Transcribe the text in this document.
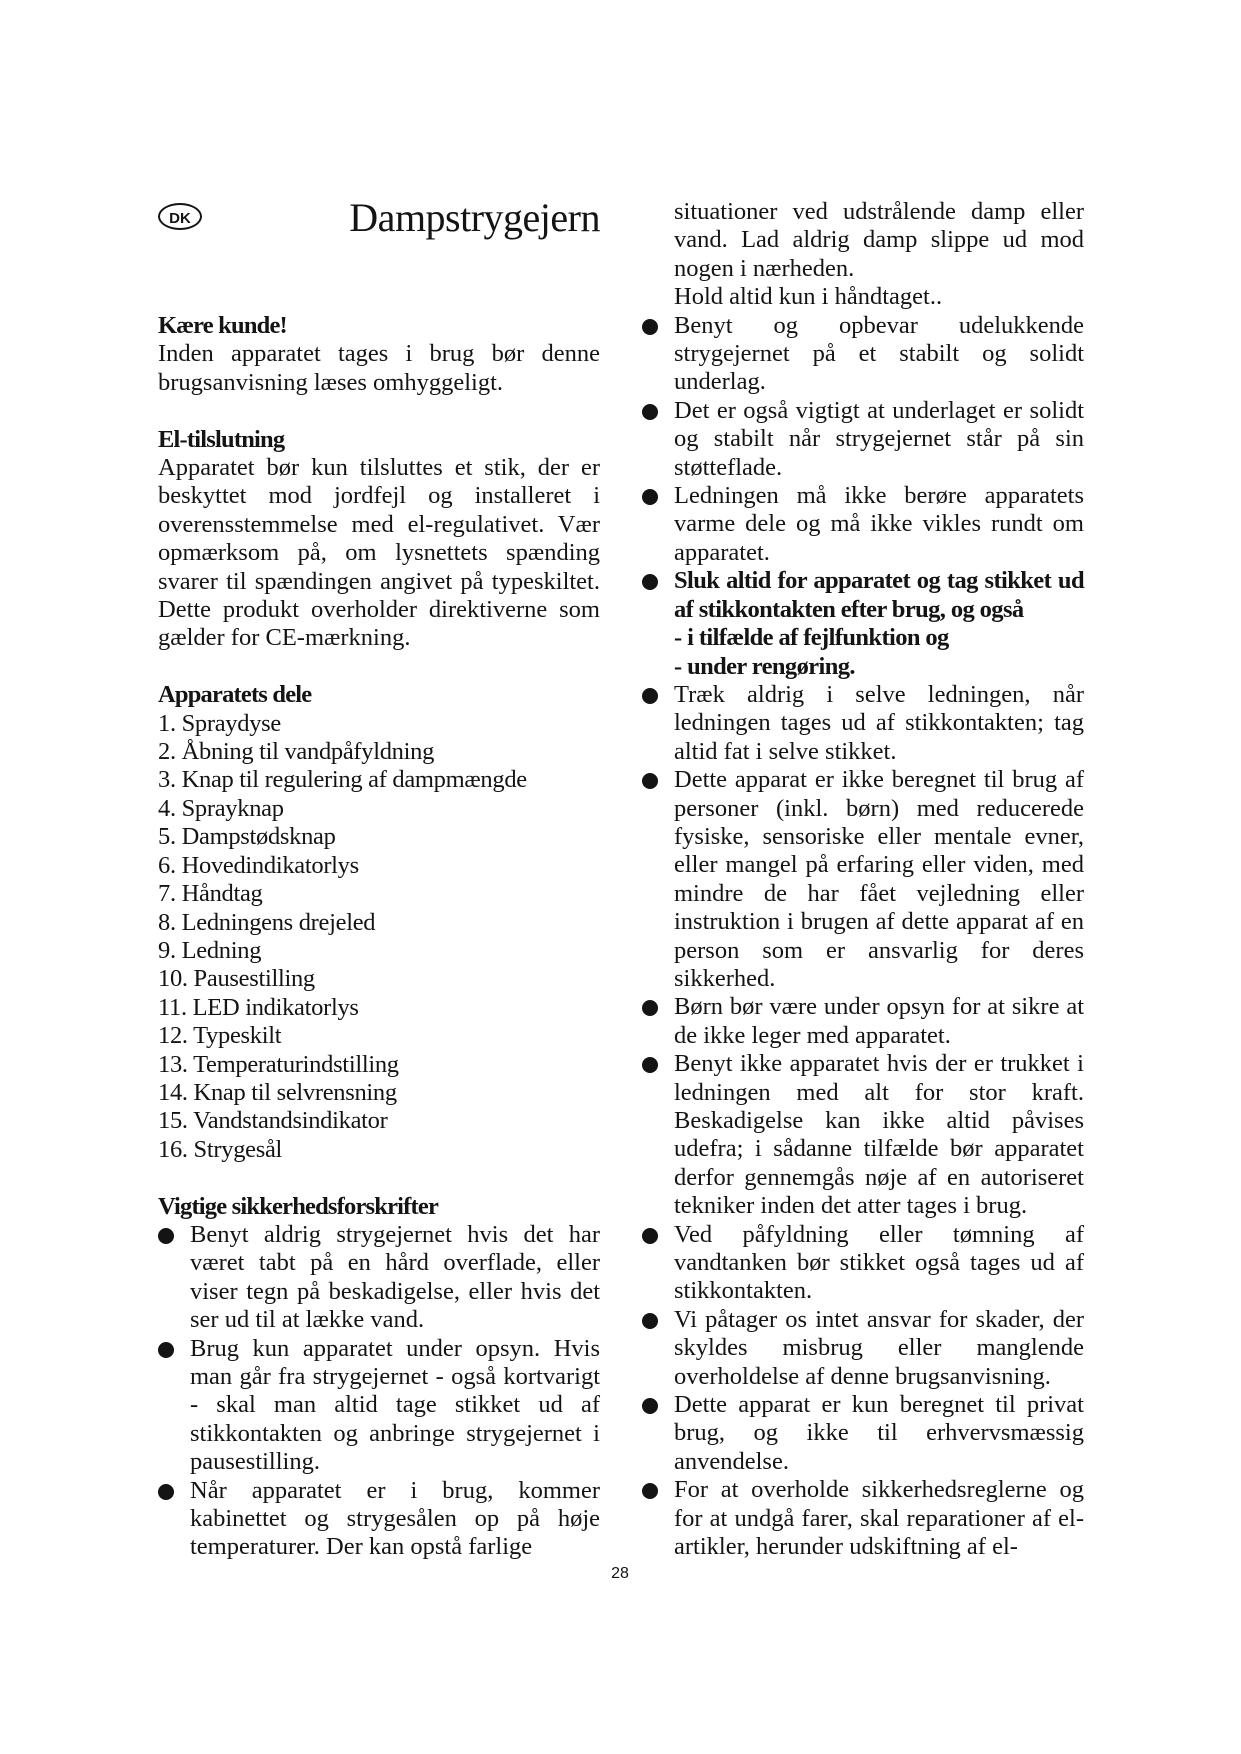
DK	Dampstrygejern
Kære kunde!

Inden apparatet tages i brug bør denne brugsanvisning læses omhyggeligt.

El-tilslutning

Apparatet bør kun tilsluttes et stik, der er beskyttet mod jordfejl og installeret i overensstemmelse med el-regulativet. Vær opmærksom på, om lysnettets spænding svarer til spændingen angivet på typeskiltet. Dette produkt overholder direktiverne som gælder for CE-mærkning.

Apparatets dele
1. Spraydyse
2. Åbning til vandpåfyldning
3. Knap til regulering af dampmængde
4. Sprayknap
5. Dampstødsknap
6. Hovedindikatorlys
7. Håndtag
8. Ledningens drejeled
9. Ledning
10. Pausestilling
11. LED indikatorlys
12. Typeskilt
13. Temperaturindstilling
14. Knap til selvrensning
15. Vandstandsindikator
16. Strygesål
Vigtige sikkerhedsforskrifter
Benyt aldrig strygejernet hvis det har været tabt på en hård overflade, eller viser tegn på beskadigelse, eller hvis det ser ud til at lække vand.
Brug kun apparatet under opsyn. Hvis man går fra strygejernet - også kortvarigt - skal man altid tage stikket ud af stikkontakten og anbringe strygejernet i pausestilling.
Når apparatet er i brug, kommer kabinettet og strygesålen op på høje temperaturer. Der kan opstå farlige

situationer ved udstrålende damp eller vand. Lad aldrig damp slippe ud mod nogen i nærheden.

Hold altid kun i håndtaget..

Benyt og opbevar udelukkende strygejernet på et stabilt og solidt underlag.
Det er også vigtigt at underlaget er solidt og stabilt når strygejernet står på sin støtteflade.
Ledningen må ikke berøre apparatets varme dele og må ikke vikles rundt om apparatet.
Sluk altid for apparatet og tag stikket ud af stikkontakten efter brug, og også
- i tilfælde af fejlfunktion og
- under rengøring.
Træk aldrig i selve ledningen, når ledningen tages ud af stikkontakten; tag altid fat i selve stikket.
Dette apparat er ikke beregnet til brug af personer (inkl. børn) med reducerede fysiske, sensoriske eller mentale evner, eller mangel på erfaring eller viden, med mindre de har fået vejledning eller instruktion i brugen af dette apparat af en person som er ansvarlig for deres sikkerhed.
Børn bør være under opsyn for at sikre at de ikke leger med apparatet.
Benyt ikke apparatet hvis der er trukket i ledningen med alt for stor kraft. Beskadigelse kan ikke altid påvises udefra; i sådanne tilfælde bør apparatet derfor gennemgås nøje af en autoriseret tekniker inden det atter tages i brug.
Ved påfyldning eller tømning af vandtanken bør stikket også tages ud af stikkontakten.
Vi påtager os intet ansvar for skader, der skyldes misbrug eller manglende overholdelse af denne brugsanvisning.
Dette apparat er kun beregnet til privat brug, og ikke til erhvervsmæssig anvendelse.
For at overholde sikkerhedsreglerne og for at undgå farer, skal reparationer af el-artikler, herunder udskiftning af el-
28
